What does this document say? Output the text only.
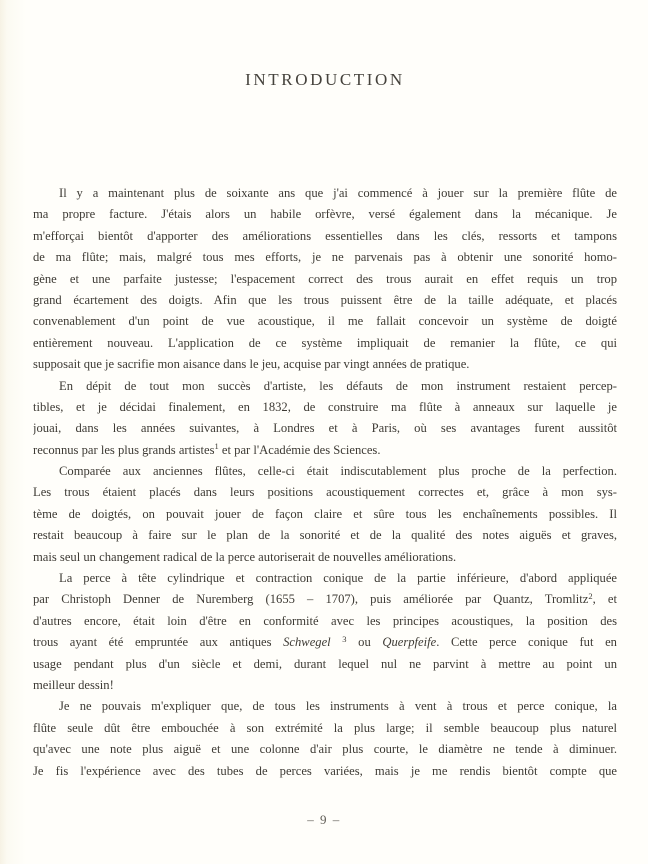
INTRODUCTION
Il y a maintenant plus de soixante ans que j'ai commencé à jouer sur la première flûte de
ma propre facture. J'étais alors un habile orfèvre, versé également dans la mécanique. Je
m'efforçai bientôt d'apporter des améliorations essentielles dans les clés, ressorts et tampons
de ma flûte; mais, malgré tous mes efforts, je ne parvenais pas à obtenir une sonorité homo-
gène et une parfaite justesse; l'espacement correct des trous aurait en effet requis un trop
grand écartement des doigts. Afin que les trous puissent être de la taille adéquate, et placés
convenablement d'un point de vue acoustique, il me fallait concevoir un système de doigté
entièrement nouveau. L'application de ce système impliquait de remanier la flûte, ce qui
supposait que je sacrifie mon aisance dans le jeu, acquise par vingt années de pratique.
En dépit de tout mon succès d'artiste, les défauts de mon instrument restaient percep-
tibles, et je décidai finalement, en 1832, de construire ma flûte à anneaux sur laquelle je
jouai, dans les années suivantes, à Londres et à Paris, où ses avantages furent aussitôt
reconnus par les plus grands artistes$^1$ et par l'Académie des Sciences.
Comparée aux anciennes flûtes, celle-ci était indiscutablement plus proche de la perfection.
Les trous étaient placés dans leurs positions acoustiquement correctes et, grâce à mon sys-
tème de doigtés, on pouvait jouer de façon claire et sûre tous les enchaînements possibles. Il
restait beaucoup à faire sur le plan de la sonorité et de la qualité des notes aiguës et graves,
mais seul un changement radical de la perce autoriserait de nouvelles améliorations.
La perce à tête cylindrique et contraction conique de la partie inférieure, d'abord appliquée
par Christoph Denner de Nuremberg (1655 – 1707), puis améliorée par Quantz, Tromlitz$^2$, et
d'autres encore, était loin d'être en conformité avec les principes acoustiques, la position des
trous ayant été empruntée aux antiques Schwegel $^3$ ou Querpfeife. Cette perce conique fut en
usage pendant plus d'un siècle et demi, durant lequel nul ne parvint à mettre au point un
meilleur dessin!
Je ne pouvais m'expliquer que, de tous les instruments à vent à trous et perce conique, la
flûte seule dût être embouchée à son extrémité la plus large; il semble beaucoup plus naturel
qu'avec une note plus aiguë et une colonne d'air plus courte, le diamètre ne tende à diminuer.
Je fis l'expérience avec des tubes de perces variées, mais je me rendis bientôt compte que
– 9 –
